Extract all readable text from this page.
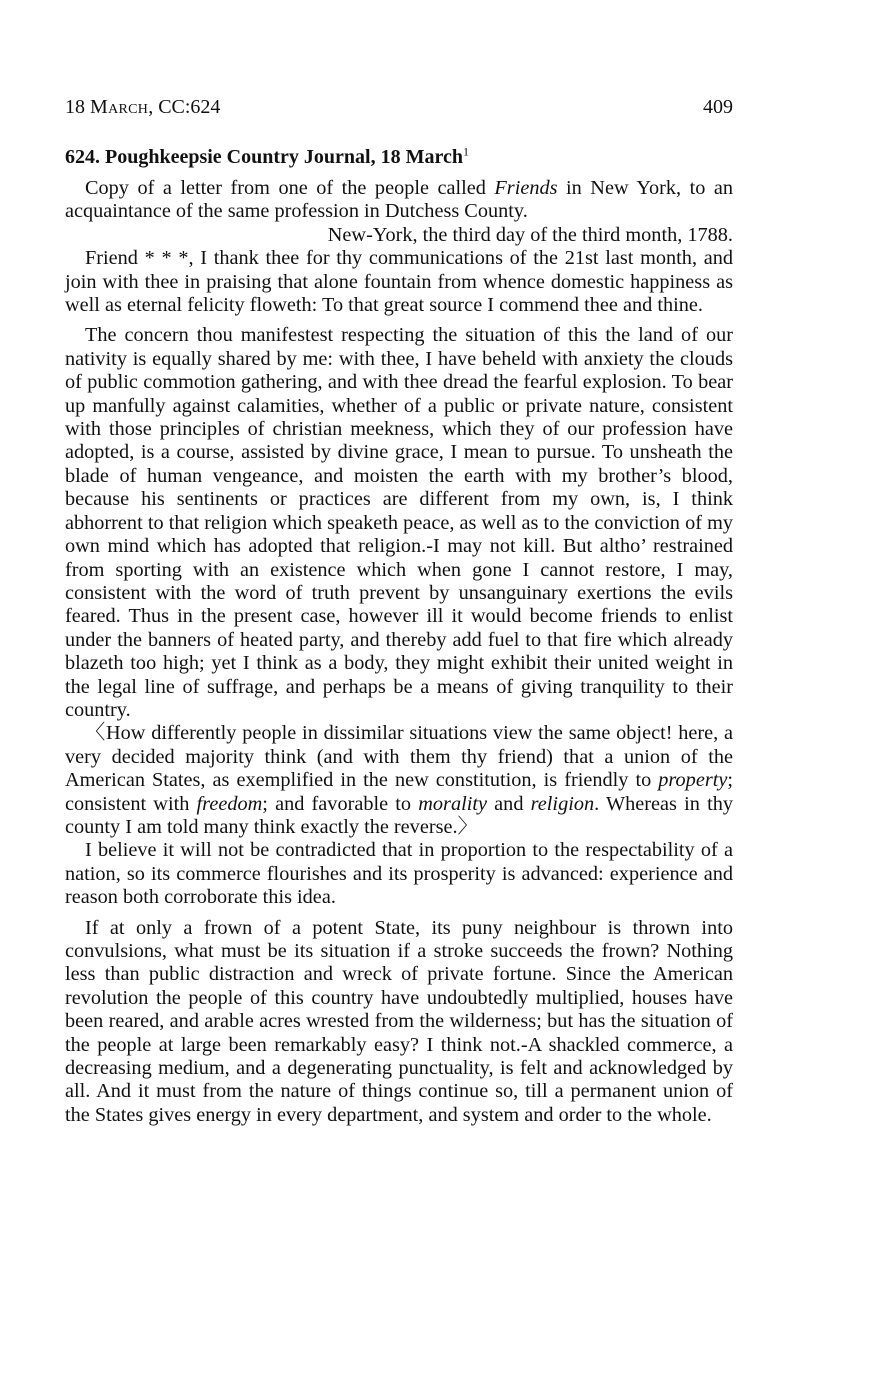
18 March, CC:624	409
624. Poughkeepsie Country Journal, 18 March$^1$

Copy of a letter from one of the people called Friends in New York, to an acquaintance of the same profession in Dutchess County.

New-York, the third day of the third month, 1788.

Friend * * *, I thank thee for thy communications of the 21st last month, and join with thee in praising that alone fountain from whence domestic happiness as well as eternal felicity floweth: To that great source I commend thee and thine.

The concern thou manifestest respecting the situation of this the land of our nativity is equally shared by me: with thee, I have beheld with anxiety the clouds of public commotion gathering, and with thee dread the fearful explosion. To bear up manfully against calamities, whether of a public or private nature, consistent with those principles of christian meekness, which they of our profession have adopted, is a course, assisted by divine grace, I mean to pursue. To unsheath the blade of human vengeance, and moisten the earth with my brother’s blood, because his sentinents or practices are different from my own, is, I think abhorrent to that religion which speaketh peace, as well as to the conviction of my own mind which has adopted that religion.-I may not kill. But altho’ restrained from sporting with an existence which when gone I cannot restore, I may, consistent with the word of truth prevent by unsanguinary exertions the evils feared. Thus in the present case, however ill it would become friends to enlist under the banners of heated party, and thereby add fuel to that fire which already blazeth too high; yet I think as a body, they might exhibit their united weight in the legal line of suffrage, and perhaps be a means of giving tranquility to their country.

〈How differently people in dissimilar situations view the same object! here, a very decided majority think (and with them thy friend) that a union of the American States, as exemplified in the new constitution, is friendly to property; consistent with freedom; and favorable to morality and religion. Whereas in thy county I am told many think exactly the reverse.〉

I believe it will not be contradicted that in proportion to the respectability of a nation, so its commerce flourishes and its prosperity is advanced: experience and reason both corroborate this idea.

If at only a frown of a potent State, its puny neighbour is thrown into convulsions, what must be its situation if a stroke succeeds the frown? Nothing less than public distraction and wreck of private fortune. Since the American revolution the people of this country have undoubtedly multiplied, houses have been reared, and arable acres wrested from the wilderness; but has the situation of the people at large been remarkably easy? I think not.-A shackled commerce, a decreasing medium, and a degenerating punctuality, is felt and acknowledged by all. And it must from the nature of things continue so, till a permanent union of the States gives energy in every department, and system and order to the whole.
